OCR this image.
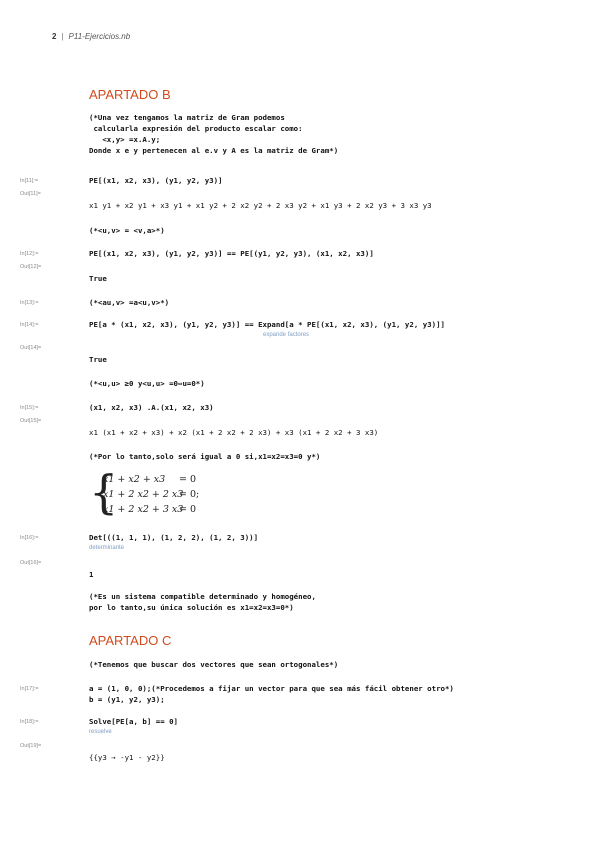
2 | P11-Ejercicios.nb
APARTADO B
(*Una vez tengamos la matriz de Gram podemos
calcularla expresión del producto escalar como:
<x,y> =x.A.y;
Donde x e y pertenecen al e.v y A es la matriz de Gram*)
In[11]:=	PE[(x1, x2, x3), (y1, y2, y3)]
Out[11]=
x1 y1 + x2 y1 + x3 y1 + x1 y2 + 2 x2 y2 + 2 x3 y2 + x1 y3 + 2 x2 y3 + 3 x3 y3
(*<u,v> = <v,a>*)
In[12]:=	PE[(x1, x2, x3), (y1, y2, y3)] == PE[(y1, y2, y3), (x1, x2, x3)]
Out[12]=
True
In[13]:=	(*<au,v> =a<u,v>*)
In[14]:=	PE[a * (x1, x2, x3), (y1, y2, y3)] == Expand[a * PE[(x1, x2, x3), (y1, y2, y3)]]
expande factores
Out[14]=
True
(*<u,u> ≥0 y<u,u> =0⇔u=0*)
In[15]:=	(x1, x2, x3) .A.(x1, x2, x3)
Out[15]=
x1 (x1 + x2 + x3) + x2 (x1 + 2 x2 + 2 x3) + x3 (x1 + 2 x2 + 3 x3)
(*Por lo tanto,solo será igual a 0 si,x1=x2=x3=0 y*)
{
x1 + x2 + x3 = 0
x1 + 2 x2 + 2 x3
= 0;
x1 + 2 x2 + 3 x3
= 0
In[16]:=	Det[((1, 1, 1), (1, 2, 2), (1, 2, 3))]
determinante
Out[16]=
1
(*Es un sistema compatible determinado y homogéneo,
por lo tanto,su única solución es x1=x2=x3=0*)
APARTADO C
(*Tenemos que buscar dos vectores que sean ortogonales*)
In[17]:=	a = (1, 0, 0);(*Procedemos a fijar un vector para que sea más fácil obtener otro*)
b = (y1, y2, y3);
In[18]:=	Solve[PE[a, b] == 0]
resuelve
Out[19]=
{{y3 → -y1 - y2}}
